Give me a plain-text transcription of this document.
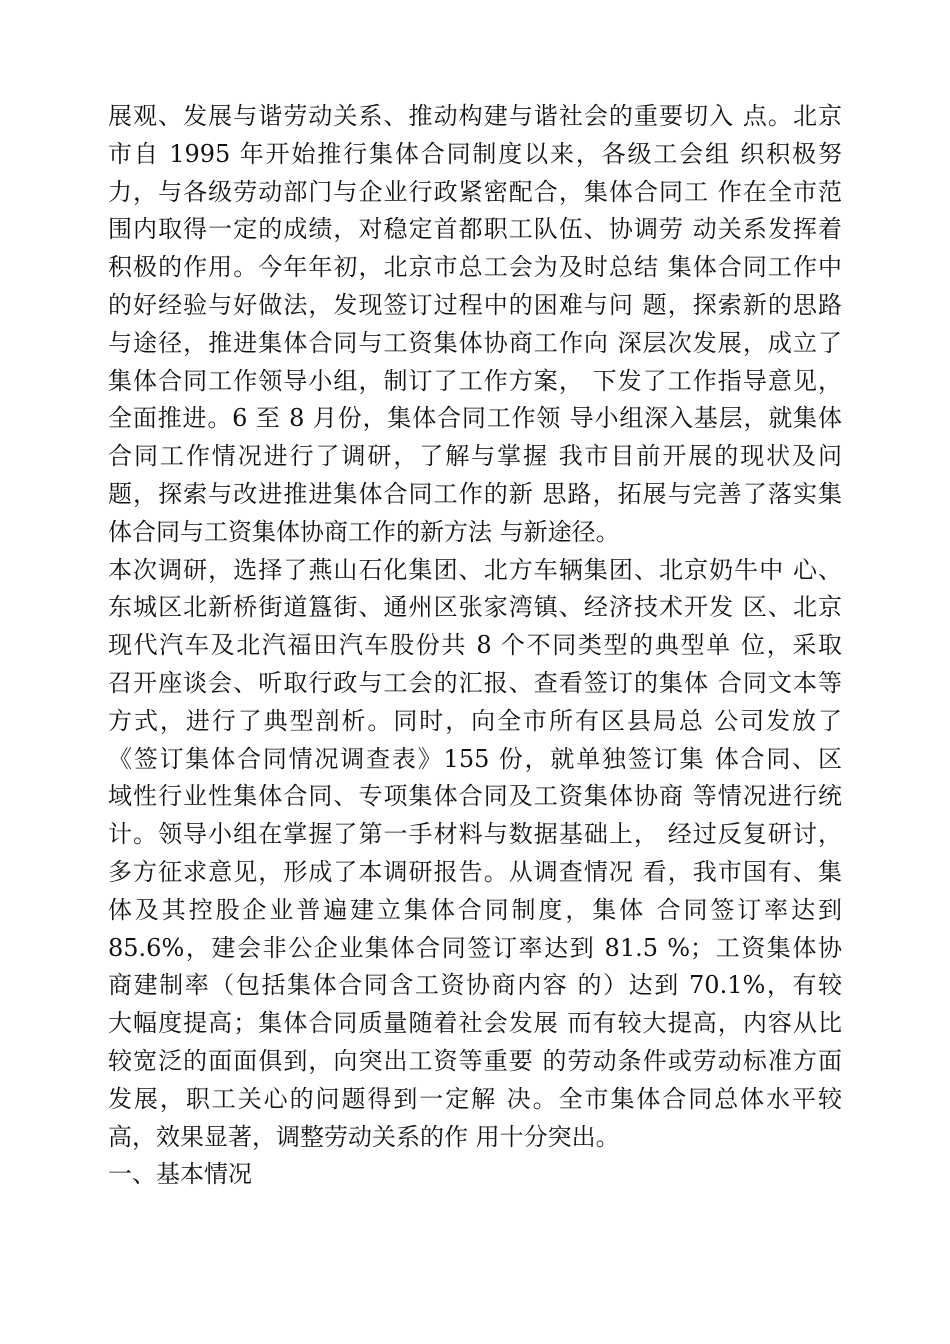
展观、发展与谐劳动关系、推动构建与谐社会的重要切入 点。北京
市自 1995 年开始推行集体合同制度以来，各级工会组 织积极努
力，与各级劳动部门与企业行政紧密配合，集体合同工 作在全市范
围内取得一定的成绩，对稳定首都职工队伍、协调劳 动关系发挥着
积极的作用。今年年初，北京市总工会为及时总结 集体合同工作中
的好经验与好做法，发现签订过程中的困难与问 题，探索新的思路
与途径，推进集体合同与工资集体协商工作向 深层次发展，成立了
集体合同工作领导小组，制订了工作方案， 下发了工作指导意见，
全面推进。6 至 8 月份，集体合同工作领 导小组深入基层，就集体
合同工作情况进行了调研，了解与掌握 我市目前开展的现状及问
题，探索与改进推进集体合同工作的新 思路，拓展与完善了落实集
体合同与工资集体协商工作的新方法 与新途径。
本次调研，选择了燕山石化集团、北方车辆集团、北京奶牛中 心、
东城区北新桥街道簋街、通州区张家湾镇、经济技术开发 区、北京
现代汽车及北汽福田汽车股份共 8 个不同类型的典型单 位，采取
召开座谈会、听取行政与工会的汇报、查看签订的集体 合同文本等
方式，进行了典型剖析。同时，向全市所有区县局总 公司发放了
《签订集体合同情况调查表》155 份，就单独签订集 体合同、区
域性行业性集体合同、专项集体合同及工资集体协商 等情况进行统
计。领导小组在掌握了第一手材料与数据基础上， 经过反复研讨，
多方征求意见，形成了本调研报告。从调查情况 看，我市国有、集
体及其控股企业普遍建立集体合同制度，集体 合同签订率达到
85.6%，建会非公企业集体合同签订率达到 81.5 %；工资集体协
商建制率（包括集体合同含工资协商内容 的）达到 70.1%，有较
大幅度提高；集体合同质量随着社会发展 而有较大提高，内容从比
较宽泛的面面俱到，向突出工资等重要 的劳动条件或劳动标准方面
发展，职工关心的问题得到一定解 决。全市集体合同总体水平较
高，效果显著，调整劳动关系的作 用十分突出。
一、基本情况
